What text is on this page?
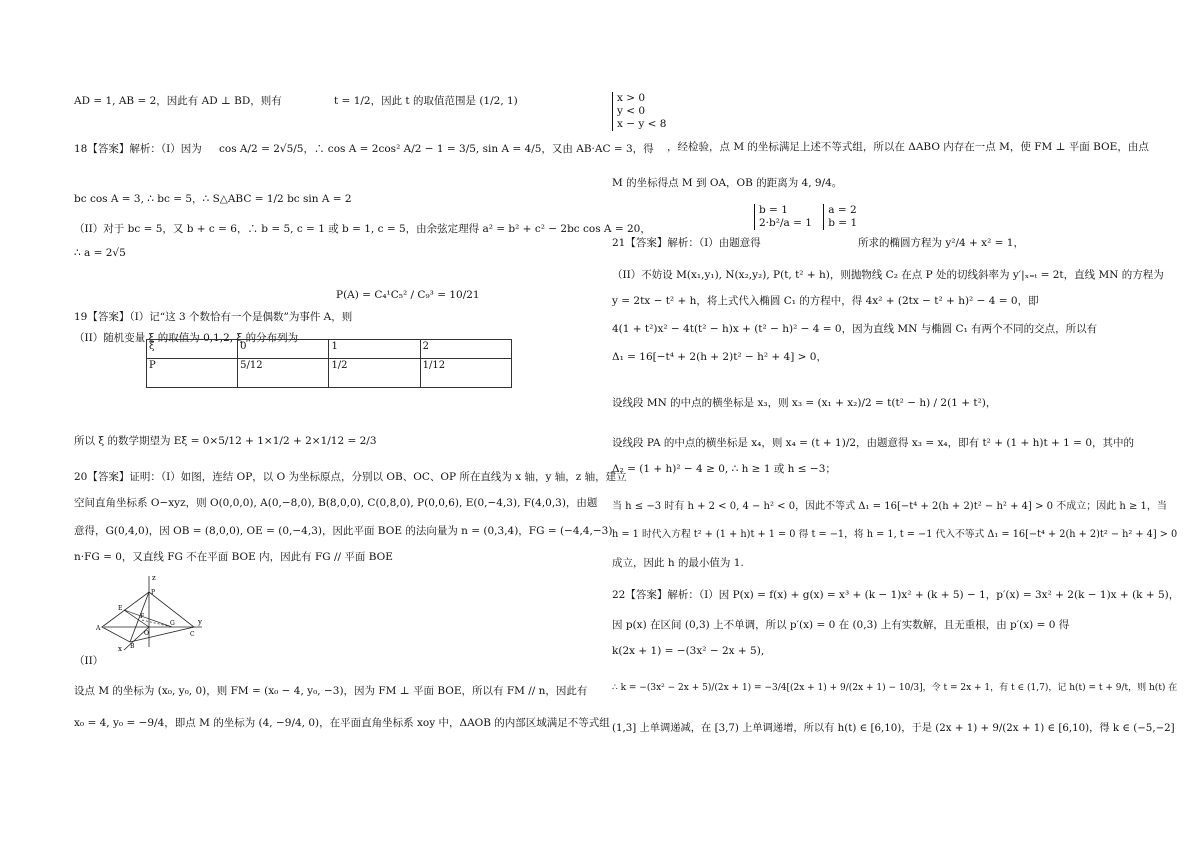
AD = 1, AB = 2，因此有 AD ⊥ BD，则有	t = 1/2，因此 t 的取值范围是 (1/2, 1)
18【答案】解析：（I）因为 cos A/2 = 2√5/5，∴ cos A = 2cos² A/2 − 1 = 3/5, sin A = 4/5，又由 AB·AC = 3，得
bc cos A = 3, ∴ bc = 5，∴ S△ABC = 1/2 bc sin A = 2
（II）对于 bc = 5，又 b + c = 6，∴ b = 5, c = 1 或 b = 1, c = 5，由余弦定理得 a² = b² + c² − 2bc cos A = 20，
∴ a = 2√5
P(A) = C₄¹C₅² / C₉³ = 10/21
19【答案】（I）记“这 3 个数恰有一个是偶数”为事件 A，则
（II）随机变量 ξ 的取值为 0,1,2, ξ 的分布列为
ξ	0	1	2
P	5/12	1/2	1/12
所以 ξ 的数学期望为 Eξ = 0×5/12 + 1×1/2 + 2×1/12 = 2/3
20【答案】证明：（I）如图，连结 OP，以 O 为坐标原点，分别以 OB、OC、OP 所在直线为 x 轴，y 轴，z 轴，建立
空间直角坐标系 O−xyz，则 O(0,0,0), A(0,−8,0), B(8,0,0), C(0,8,0), P(0,0,6), E(0,−4,3), F(4,0,3)，由题
意得，G(0,4,0)，因 OB = (8,0,0), OE = (0,−4,3)，因此平面 BOE 的法向量为 n = (0,3,4)，FG = (−4,4,−3)
n·FG = 0，又直线 FG 不在平面 BOE 内，因此有 FG // 平面 BOE
z
y
x
P
E
F
O
G
A
B
C
（II）
设点 M 的坐标为 (x₀, y₀, 0)，则 FM = (x₀ − 4, y₀, −3)，因为 FM ⊥ 平面 BOE，所以有 FM // n，因此有
x₀ = 4, y₀ = −9/4，即点 M 的坐标为 (4, −9/4, 0)，在平面直角坐标系 xoy 中，ΔAOB 的内部区域满足不等式组
x > 0
y < 0
x − y < 8
，经检验，点 M 的坐标满足上述不等式组，所以在 ΔABO 内存在一点 M，使 FM ⊥ 平面 BOE，由点
M 的坐标得点 M 到 OA，OB 的距离为 4, 9/4。
b = 1
2·b²/a = 1

a = 2
b = 1
21【答案】解析：（I）由题意得	所求的椭圆方程为 y²/4 + x² = 1，
（II）不妨设 M(x₁,y₁), N(x₂,y₂), P(t, t² + h)，则抛物线 C₂ 在点 P 处的切线斜率为 y′|ₓ₌ₜ = 2t，直线 MN 的方程为
y = 2tx − t² + h，将上式代入椭圆 C₁ 的方程中，得 4x² + (2tx − t² + h)² − 4 = 0，即
4(1 + t²)x² − 4t(t² − h)x + (t² − h)² − 4 = 0，因为直线 MN 与椭圆 C₁ 有两个不同的交点，所以有
Δ₁ = 16[−t⁴ + 2(h + 2)t² − h² + 4] > 0，
设线段 MN 的中点的横坐标是 x₃，则 x₃ = (x₁ + x₂)/2 = t(t² − h) / 2(1 + t²)，
设线段 PA 的中点的横坐标是 x₄，则 x₄ = (t + 1)/2，由题意得 x₃ = x₄，即有 t² + (1 + h)t + 1 = 0，其中的
Δ₂ = (1 + h)² − 4 ≥ 0, ∴ h ≥ 1 或 h ≤ −3；
当 h ≤ −3 时有 h + 2 < 0, 4 − h² < 0，因此不等式 Δ₁ = 16[−t⁴ + 2(h + 2)t² − h² + 4] > 0 不成立；因此 h ≥ 1，当
h = 1 时代入方程 t² + (1 + h)t + 1 = 0 得 t = −1，将 h = 1, t = −1 代入不等式 Δ₁ = 16[−t⁴ + 2(h + 2)t² − h² + 4] > 0
成立，因此 h 的最小值为 1.
22【答案】解析：（I）因 P(x) = f(x) + g(x) = x³ + (k − 1)x² + (k + 5) − 1，p′(x) = 3x² + 2(k − 1)x + (k + 5)，
因 p(x) 在区间 (0,3) 上不单调，所以 p′(x) = 0 在 (0,3) 上有实数解，且无重根，由 p′(x) = 0 得
k(2x + 1) = −(3x² − 2x + 5),
∴ k = −(3x² − 2x + 5)/(2x + 1) = −3/4[(2x + 1) + 9/(2x + 1) − 10/3]，令 t = 2x + 1，有 t ∈ (1,7)，记 h(t) = t + 9/t，则 h(t) 在
(1,3] 上单调递减，在 [3,7) 上单调递增，所以有 h(t) ∈ [6,10)，于是 (2x + 1) + 9/(2x + 1) ∈ [6,10)，得 k ∈ (−5,−2]
